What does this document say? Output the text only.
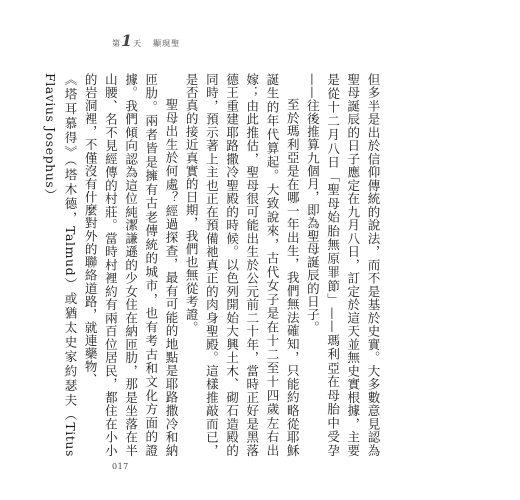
第 1 天 顯現聖

但多半是出於信仰傳統的說法，而不是基於史實。大多數意見認為聖母誕辰的日子應定在九月八日，訂定於這天並無史實根據，主要是從十二月八日「聖母始胎無原罪節」——瑪利亞在母胎中受孕——往後推算九個月，即為聖母誕辰的日子。

至於瑪利亞是在哪一年出生，我們無法確知，只能約略從耶穌誕生的年代算起。大致說來，古代女子是在十二至十四歲左右出嫁；由此推估，聖母很可能出生於公元前二十年，當時正好是黑落德王重建耶路撒冷聖殿的時候。以色列開始大興土木、砌石造殿的同時，預示著上主也正在預備祂真正的肉身聖殿。這樣推敲而已，是否真的接近真實的日期，我們也無從考證。

聖母出生於何處？經過探查，最有可能的地點是耶路撒冷和納匝肋。兩者皆是擁有古老傳統的城市，也有考古和文化方面的證據。我們傾向認為這位純潔謙遜的少女住在納匝肋，那是坐落在半山腰、名不見經傳的村莊。當時村裡約有兩百位居民，都住在小小的岩洞裡，不僅沒有什麼對外的聯絡道路，就連藥物、

《塔耳慕得》（塔木德，Talmud）或猶太史家約瑟夫（Titus Flavius Josephus）

017
